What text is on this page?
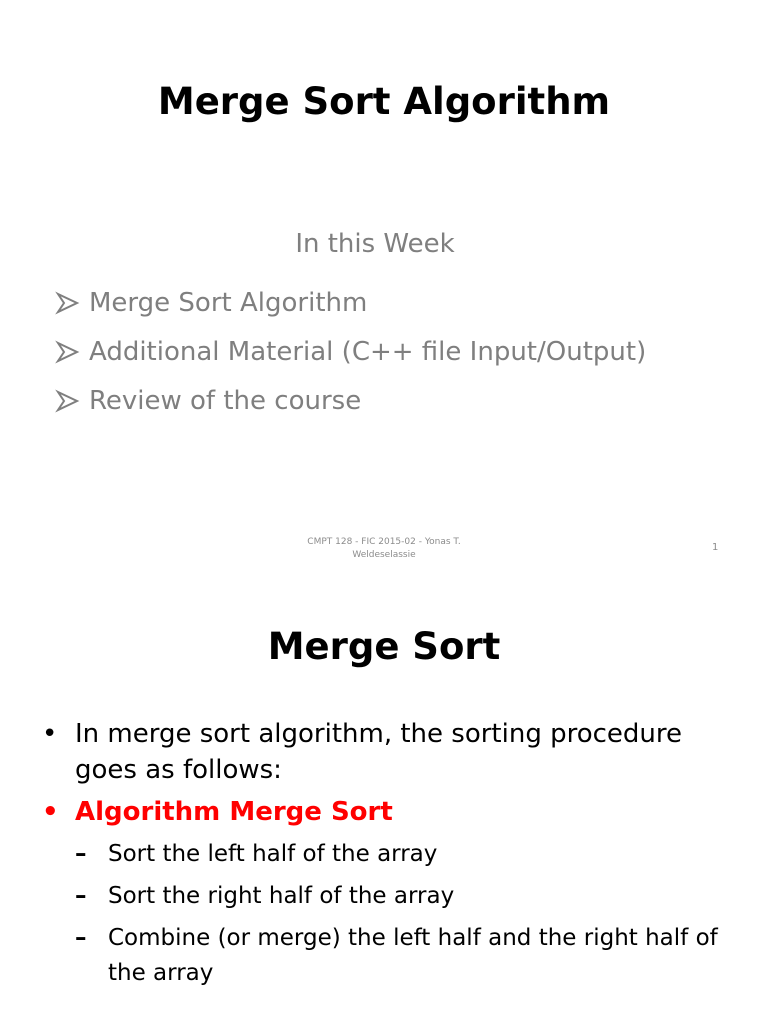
Merge Sort Algorithm
In this Week
Merge Sort Algorithm
Additional Material (C++ file Input/Output)
Review of the course
CMPT 128 - FIC 2015-02 - Yonas T.
Weldeselassie
1
Merge Sort
• In merge sort algorithm, the sorting procedure goes as follows:
• Algorithm Merge Sort
– Sort the left half of the array
– Sort the right half of the array
– Combine (or merge) the left half and the right half of the array
